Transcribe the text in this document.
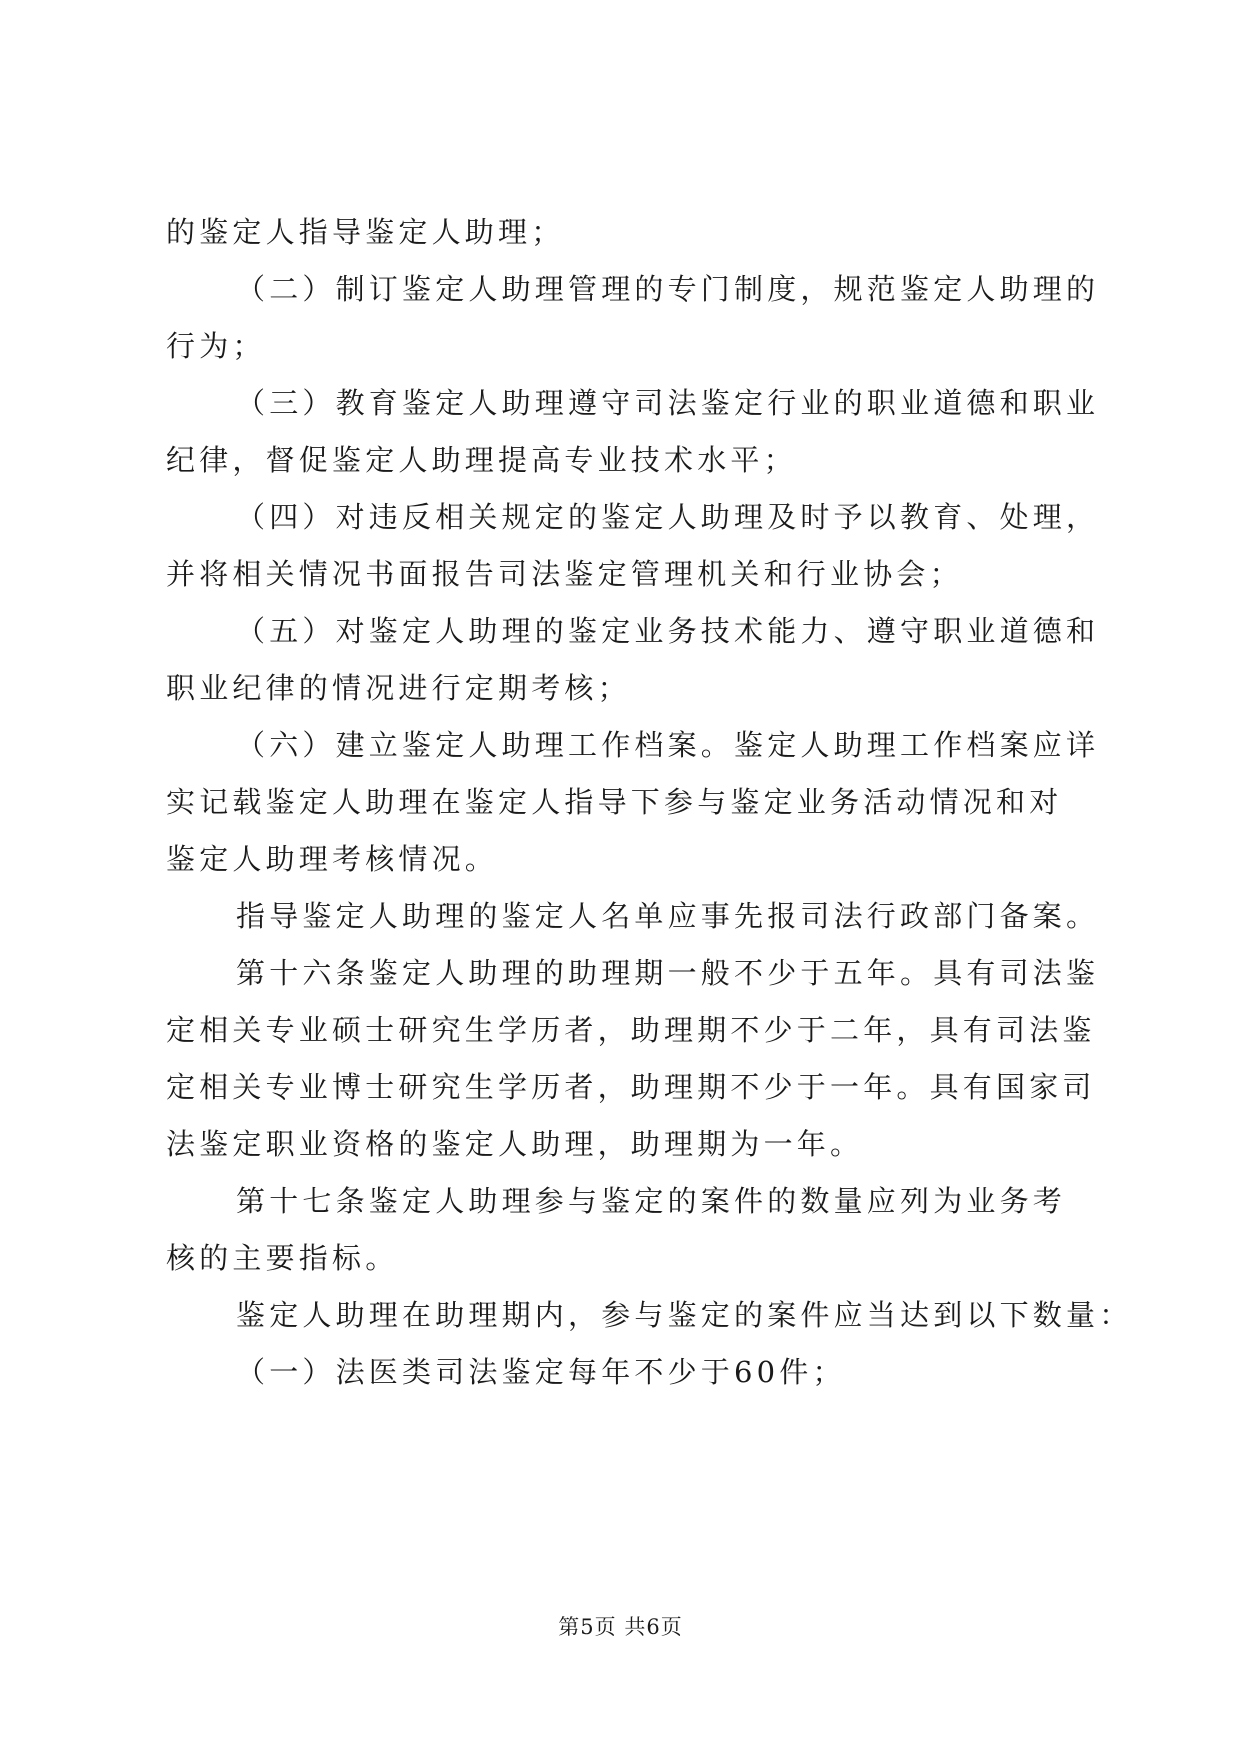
的鉴定人指导鉴定人助理；
（二）制订鉴定人助理管理的专门制度，规范鉴定人助理的
行为；
（三）教育鉴定人助理遵守司法鉴定行业的职业道德和职业
纪律，督促鉴定人助理提高专业技术水平；
（四）对违反相关规定的鉴定人助理及时予以教育、处理，
并将相关情况书面报告司法鉴定管理机关和行业协会；
（五）对鉴定人助理的鉴定业务技术能力、遵守职业道德和
职业纪律的情况进行定期考核；
（六）建立鉴定人助理工作档案。鉴定人助理工作档案应详
实记载鉴定人助理在鉴定人指导下参与鉴定业务活动情况和对
鉴定人助理考核情况。
指导鉴定人助理的鉴定人名单应事先报司法行政部门备案。
第十六条鉴定人助理的助理期一般不少于五年。具有司法鉴
定相关专业硕士研究生学历者，助理期不少于二年，具有司法鉴
定相关专业博士研究生学历者，助理期不少于一年。具有国家司
法鉴定职业资格的鉴定人助理，助理期为一年。
第十七条鉴定人助理参与鉴定的案件的数量应列为业务考
核的主要指标。
鉴定人助理在助理期内，参与鉴定的案件应当达到以下数量：
（一）法医类司法鉴定每年不少于60件；
第5页 共6页
